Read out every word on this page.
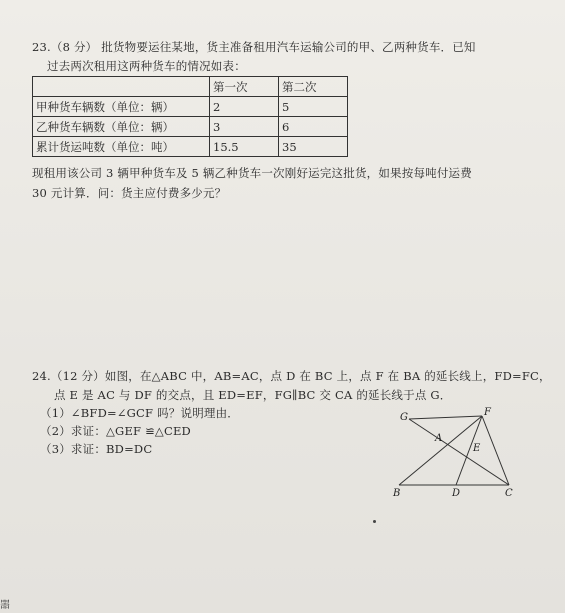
23.（8 分） 批货物要运往某地，货主准备租用汽车运输公司的甲、乙两种货车．已知
过去两次租用这两种货车的情况如表：
	第一次	第二次
甲种货车辆数（单位：辆）	2	5
乙种货车辆数（单位：辆）	3	6
累计货运吨数（单位：吨）	15.5	35
现租用该公司 3 辆甲种货车及 5 辆乙种货车一次刚好运完这批货，如果按每吨付运费
30 元计算．问：货主应付费多少元？
24.（12 分）如图，在△ABC 中，AB=AC，点 D 在 BC 上，点 F 在 BA 的延长线上，FD=FC，
点 E 是 AC 与 DF 的交点，且 ED=EF，FG∥BC 交 CA 的延长线于点 G．
（1）∠BFD=∠GCF 吗？说明理由．
（2）求证：△GEF ≌△CED
（3）求证：BD=DC
G	F
A
E
B	D	C
噐
